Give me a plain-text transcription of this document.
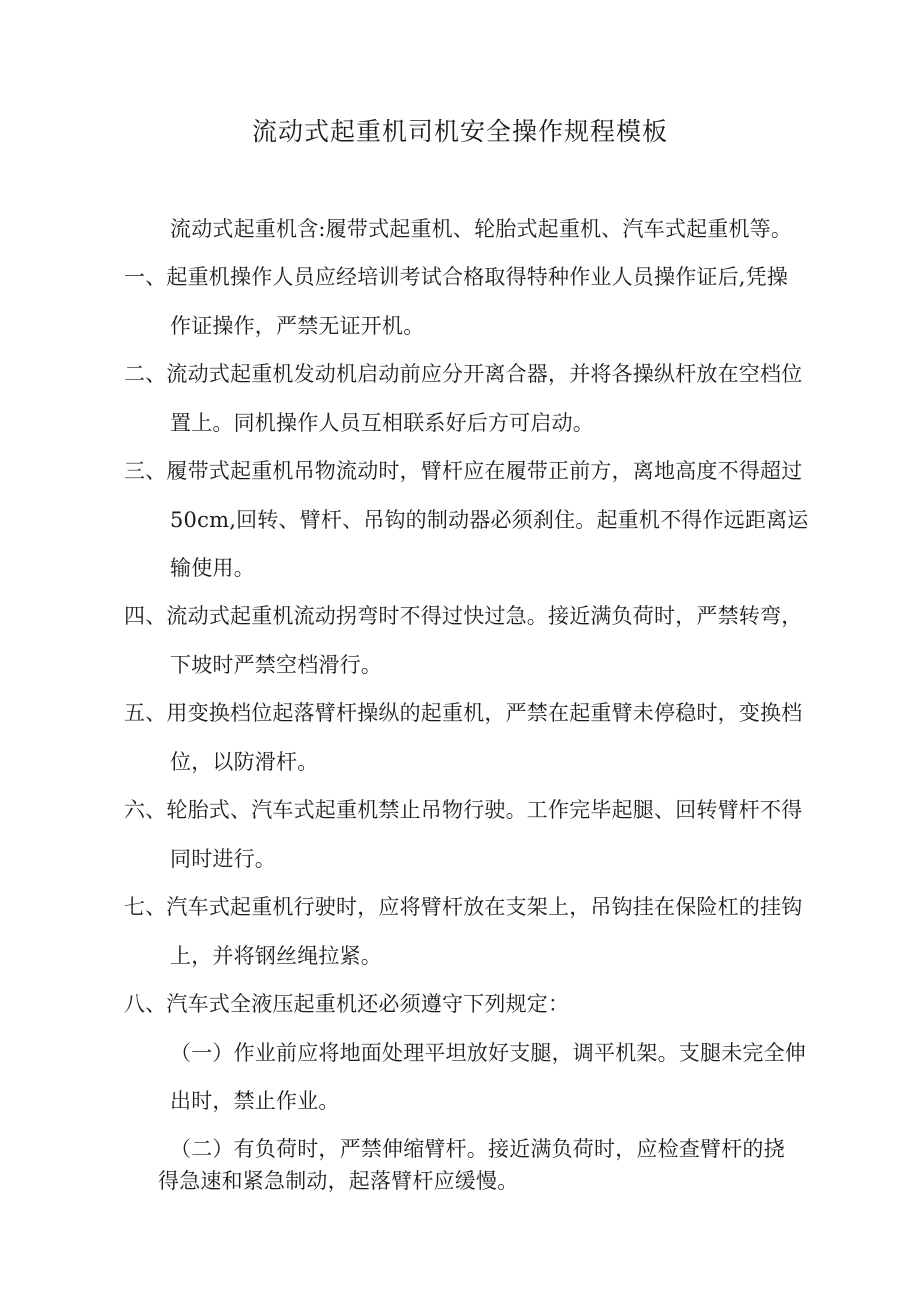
流动式起重机司机安全操作规程模板
流动式起重机含:履带式起重机、轮胎式起重机、汽车式起重机等。
一、起重机操作人员应经培训考试合格取得特种作业人员操作证后,凭操
作证操作，严禁无证开机。
二、流动式起重机发动机启动前应分开离合器，并将各操纵杆放在空档位
置上。同机操作人员互相联系好后方可启动。
三、履带式起重机吊物流动时，臂杆应在履带正前方，离地高度不得超过
50cm,回转、臂杆、吊钩的制动器必须刹住。起重机不得作远距离运
输使用。
四、流动式起重机流动拐弯时不得过快过急。接近满负荷时，严禁转弯，
下坡时严禁空档滑行。
五、用变换档位起落臂杆操纵的起重机，严禁在起重臂未停稳时，变换档
位，以防滑杆。
六、轮胎式、汽车式起重机禁止吊物行驶。工作完毕起腿、回转臂杆不得
同时进行。
七、汽车式起重机行驶时，应将臂杆放在支架上，吊钩挂在保险杠的挂钩
上，并将钢丝绳拉紧。
八、汽车式全液压起重机还必须遵守下列规定：
（一）作业前应将地面处理平坦放好支腿，调平机架。支腿未完全伸
出时，禁止作业。
（二）有负荷时，严禁伸缩臂杆。接近满负荷时，应检查臂杆的挠
得急速和紧急制动，起落臂杆应缓慢。
